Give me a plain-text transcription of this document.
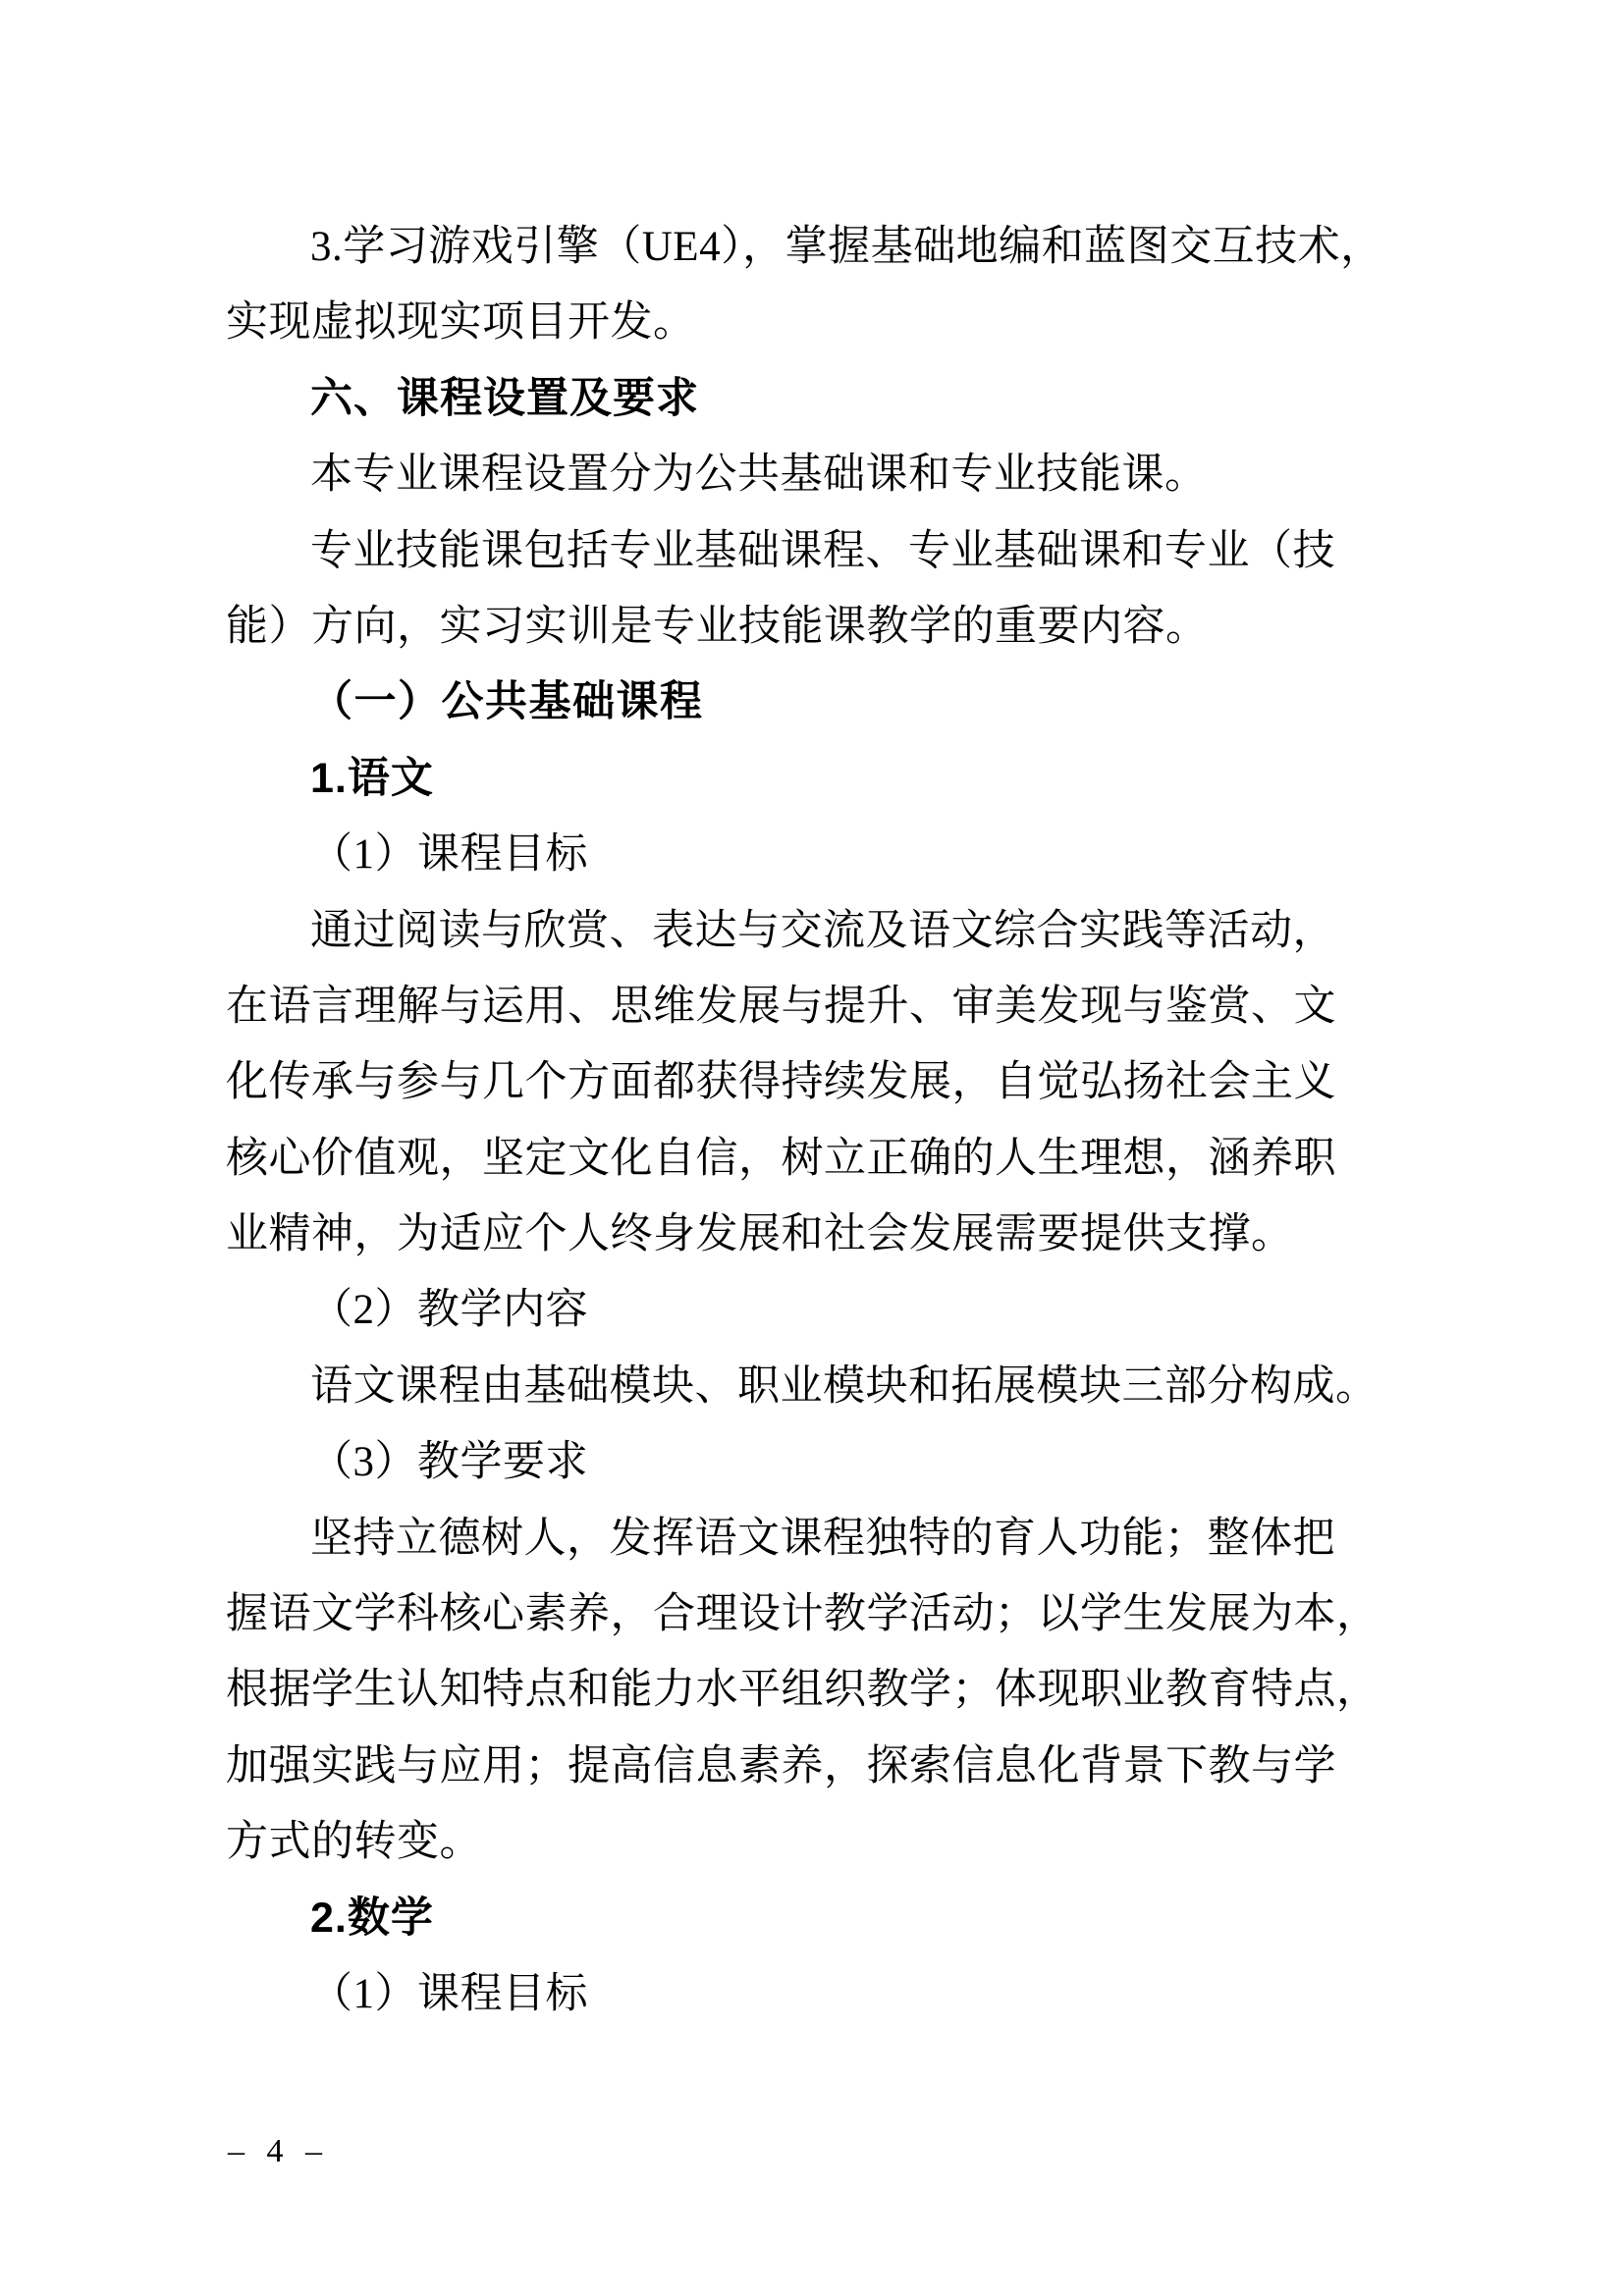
3.学习游戏引擎（UE4），掌握基础地编和蓝图交互技术，
实现虚拟现实项目开发。
六、课程设置及要求
本专业课程设置分为公共基础课和专业技能课。
专业技能课包括专业基础课程、专业基础课和专业（技
能）方向，实习实训是专业技能课教学的重要内容。
（一）公共基础课程
1.语文
（1）课程目标
通过阅读与欣赏、表达与交流及语文综合实践等活动，
在语言理解与运用、思维发展与提升、审美发现与鉴赏、文
化传承与参与几个方面都获得持续发展，自觉弘扬社会主义
核心价值观，坚定文化自信，树立正确的人生理想，涵养职
业精神，为适应个人终身发展和社会发展需要提供支撑。
（2）教学内容
语文课程由基础模块、职业模块和拓展模块三部分构成。
（3）教学要求
坚持立德树人，发挥语文课程独特的育人功能；整体把
握语文学科核心素养，合理设计教学活动；以学生发展为本，
根据学生认知特点和能力水平组织教学；体现职业教育特点，
加强实践与应用；提高信息素养，探索信息化背景下教与学
方式的转变。
2.数学
（1）课程目标
– 4 –
